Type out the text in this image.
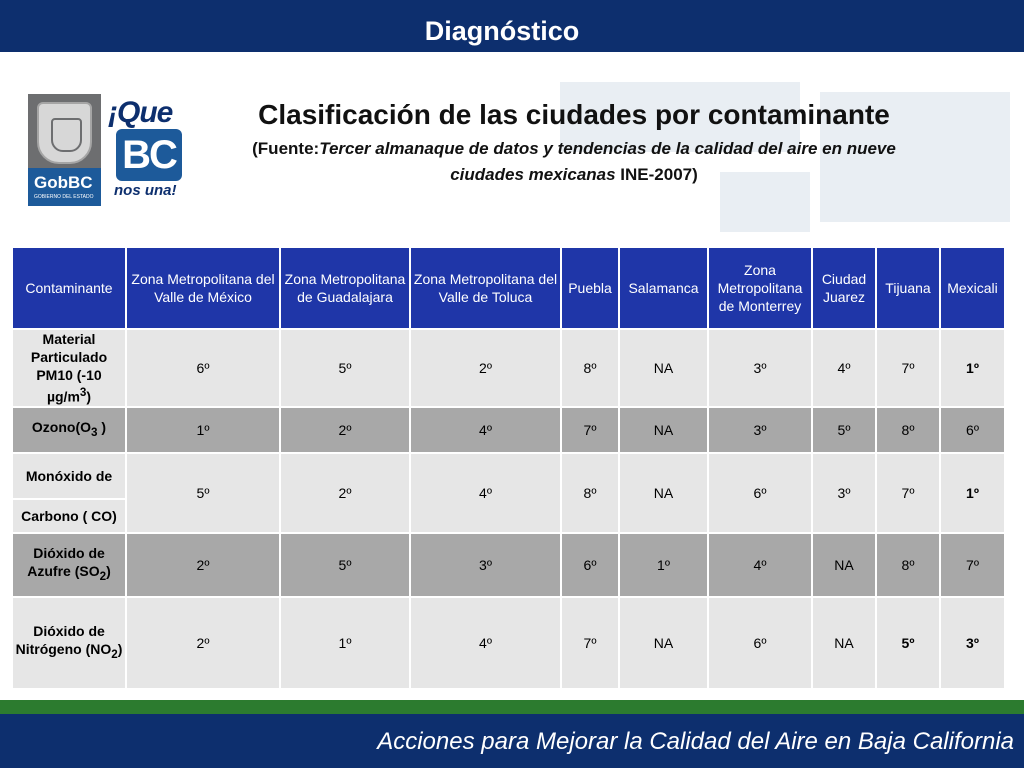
Diagnóstico
GobBC
GOBIERNO DEL ESTADO
¡Que
BC
nos una!
Clasificación de las ciudades por contaminante
(Fuente:Tercer almanaque de datos y tendencias de la calidad del aire en nueve ciudades mexicanas INE-2007)
Contaminante	Zona Metropolitana del Valle de México	Zona Metropolitana de Guadalajara	Zona Metropolitana del Valle de Toluca	Puebla	Salamanca	Zona Metropolitana de Monterrey	Ciudad Juarez	Tijuana	Mexicali
Material Particulado PM10 (-10 $\mu g/m^3$)	6º	5º	2º	8º	NA	3º	4º	7º	1º
$Ozono(O_3$ )	1º	2º	4º	7º	NA	3º	5º	8º	6º
Monóxido de	5º	2º	4º	8º	NA	6º	3º	7º	1º
Carbono ( CO)									
Dióxido de Azufre $(SO_2)$	2º	5º	3º	6º	1º	4º	NA	8º	7º
Dióxido de Nitrógeno $(NO_2)$	2º	1º	4º	7º	NA	6º	NA	5º	3º
Acciones para Mejorar la Calidad del Aire en Baja California
